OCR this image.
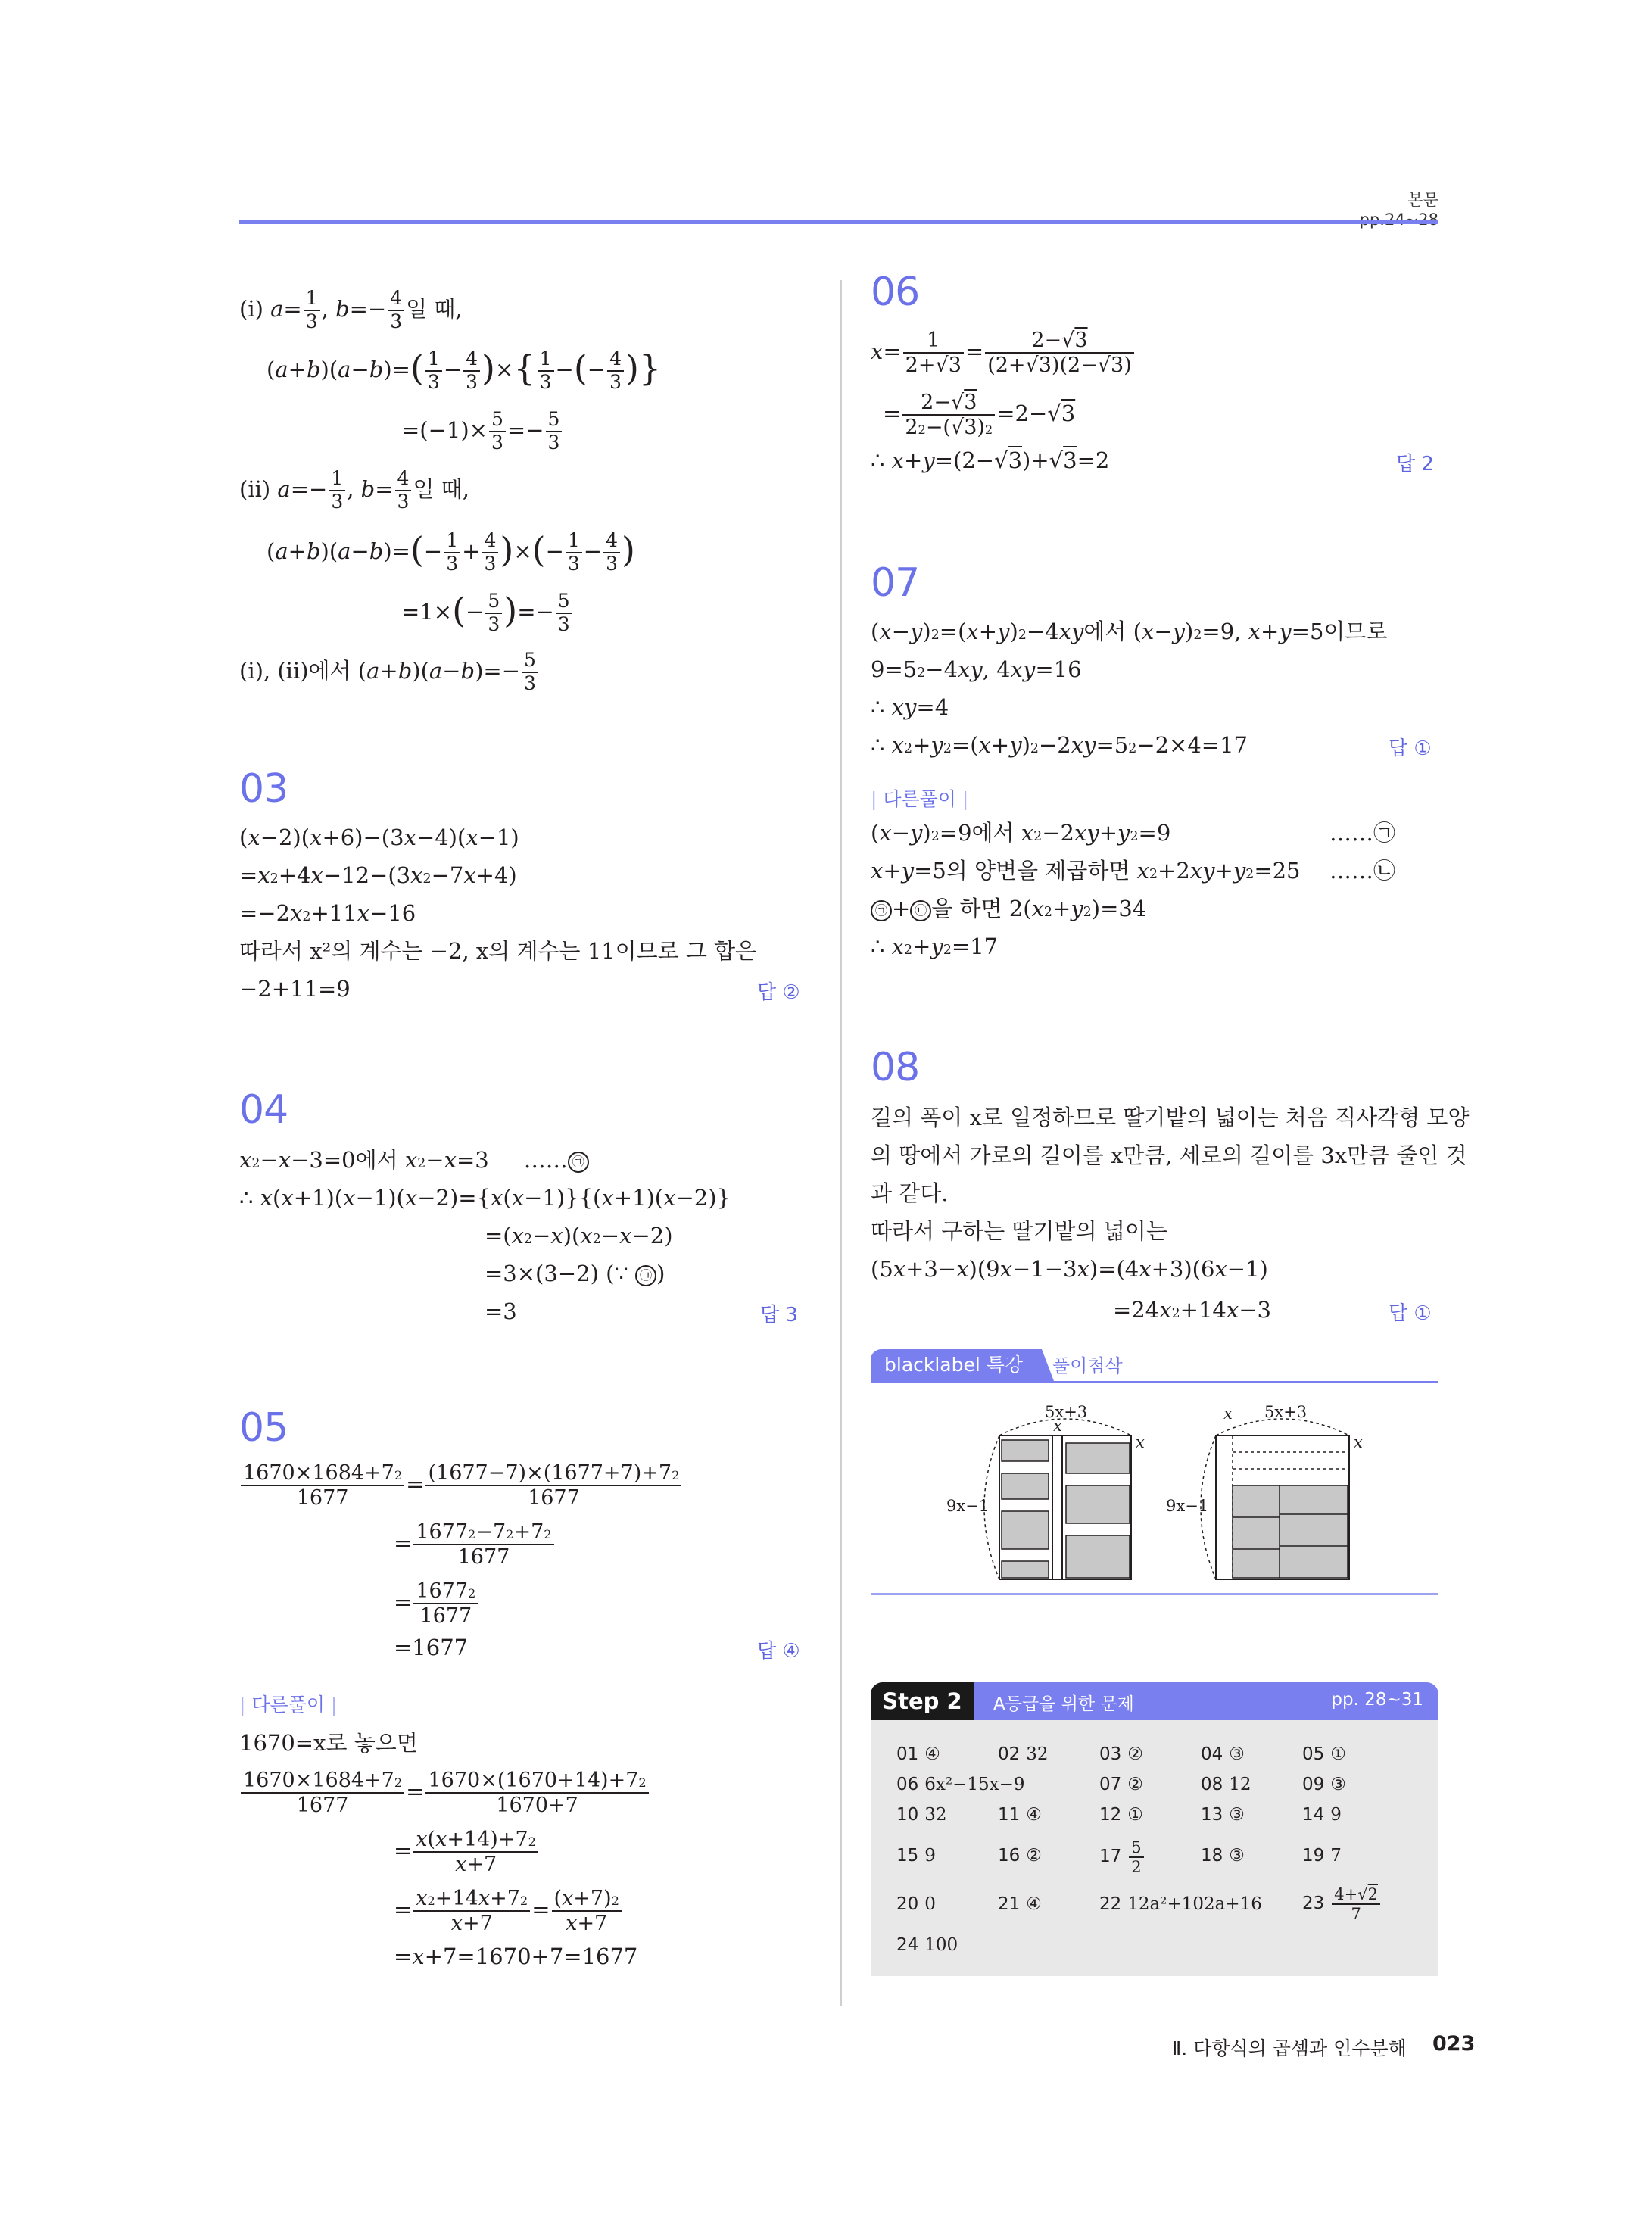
본문
(ⅰ) $a= \frac{1}{3}$ , $b=- \frac{4}{3}$ 일 때,
$(a+b)(a-b)=( \frac{1}{3} - \frac{4}{3}$ )×{ $\frac{1}{3}$ −(− $\frac{4}{3}$ )}
$=(-1)\times \frac{5}{3} =- \frac{5}{3}$
(ⅱ) $a=- \frac{1}{3}$ , $b= \frac{4}{3}$ 일 때,
$(a+b)(a-b)=(- \frac{1}{3} + \frac{4}{3}$ )×(− $\frac{1}{3} - \frac{4}{3}$ )
$=1\times(- \frac{5}{3}$ )=− $\frac{5}{3}$
(ⅰ), (ⅱ)에서 $(a+b)(a-b)=- \frac{5}{3}$
03
(x−2)(x+6)−(3x−4)(x−1)
$=x^2+4x-12-(3x^2-7x+4)$
$=-2x^2+11x-16$
따라서 x²의 계수는 −2, x의 계수는 11이므로 그 합은
−2+11=9	답 ②
04
$x^2-x-3=0$에서 $x^2-x=3$     …… ㉠
∴ x(x+1)(x−1)(x−2)={x(x−1)}{(x+1)(x−2)}
$=(x^2-x)(x^2-x-2)$
=3×(3−2) (∵ ㉠ )
=3	답 3
05
$\frac{1670\times 1684+7^2}{1677} = \frac{(1677-7)\times(1677+7)+7^2}{1677}$
= $\frac{1677^2-7^2+7^2}{1677}$
= $\frac{1677^2}{1677}$
=1677	답 ④
| 다른풀이 |
1670=x로 놓으면
$\frac{1670\times 1684+7^2}{1677} = \frac{1670\times(1670+14)+7^2}{1670+7}$
= $\frac{x(x+14)+7^2}{x+7}$
= $\frac{x^2+14x+7^2}{x+7} = \frac{(x+7)^2}{x+7}$
=x+7=1670+7=1677
06
$x= \frac{1}{2+√3} = \frac{2-√3}{(2+√3)(2-√3)}$
= $\frac{2-√3}{2^2-(√3)^2} =2-√3$
∴ x+y=(2−√3)+√3=2	답 2
07
$(x-y)^2=(x+y)^2-4xy$에서 $(x-y)^2=9$, x+y=5이므로
$9=5^2-4xy$, 4xy=16
∴ xy=4
∴ $x^2+y^2=(x+y)^2-2xy=5^2-2\times 4=17$	답 ①
| 다른풀이 |
$(x-y)^2=9$에서 $x^2-2xy+y^2=9$	……㉠
x+y=5의 양변을 제곱하면 $x^2+2xy+y^2=25$ ……㉡
㉠ + ㉡ 을 하면 $2(x^2+y^2)=34$
∴ $x^2+y^2=17$
08
길의 폭이 x로 일정하므로 딸기밭의 넓이는 처음 직사각형 모양
의 땅에서 가로의 길이를 x만큼, 세로의 길이를 3x만큼 줄인 것
과 같다.
따라서 구하는 딸기밭의 넓이는
(5x+3−x)(9x−1−3x)=(4x+3)(6x−1)
$=24x^2+14x-3$	답 ①
blacklabel 특강	풀이첨삭
5x+3
x
x
9x−1
5x+3
x
x
9x−1
Step 2	A등급을 위한 문제	pp. 28∼31
01 ④	02 32	03 ②	04 ③	05 ①
06 6x²−15x−9	07 ②	08 12	09 ③
10 32	11 ④	12 ①	13 ③	14 9
15 9	16 ②	$17 \frac{5}{2}$	18 ③	19 7
20 0	21 ④	22 12a²+102a+16 $23 \frac{4+√2}{7}$
24 100
Ⅱ. 다항식의 곱셈과 인수분해 023
